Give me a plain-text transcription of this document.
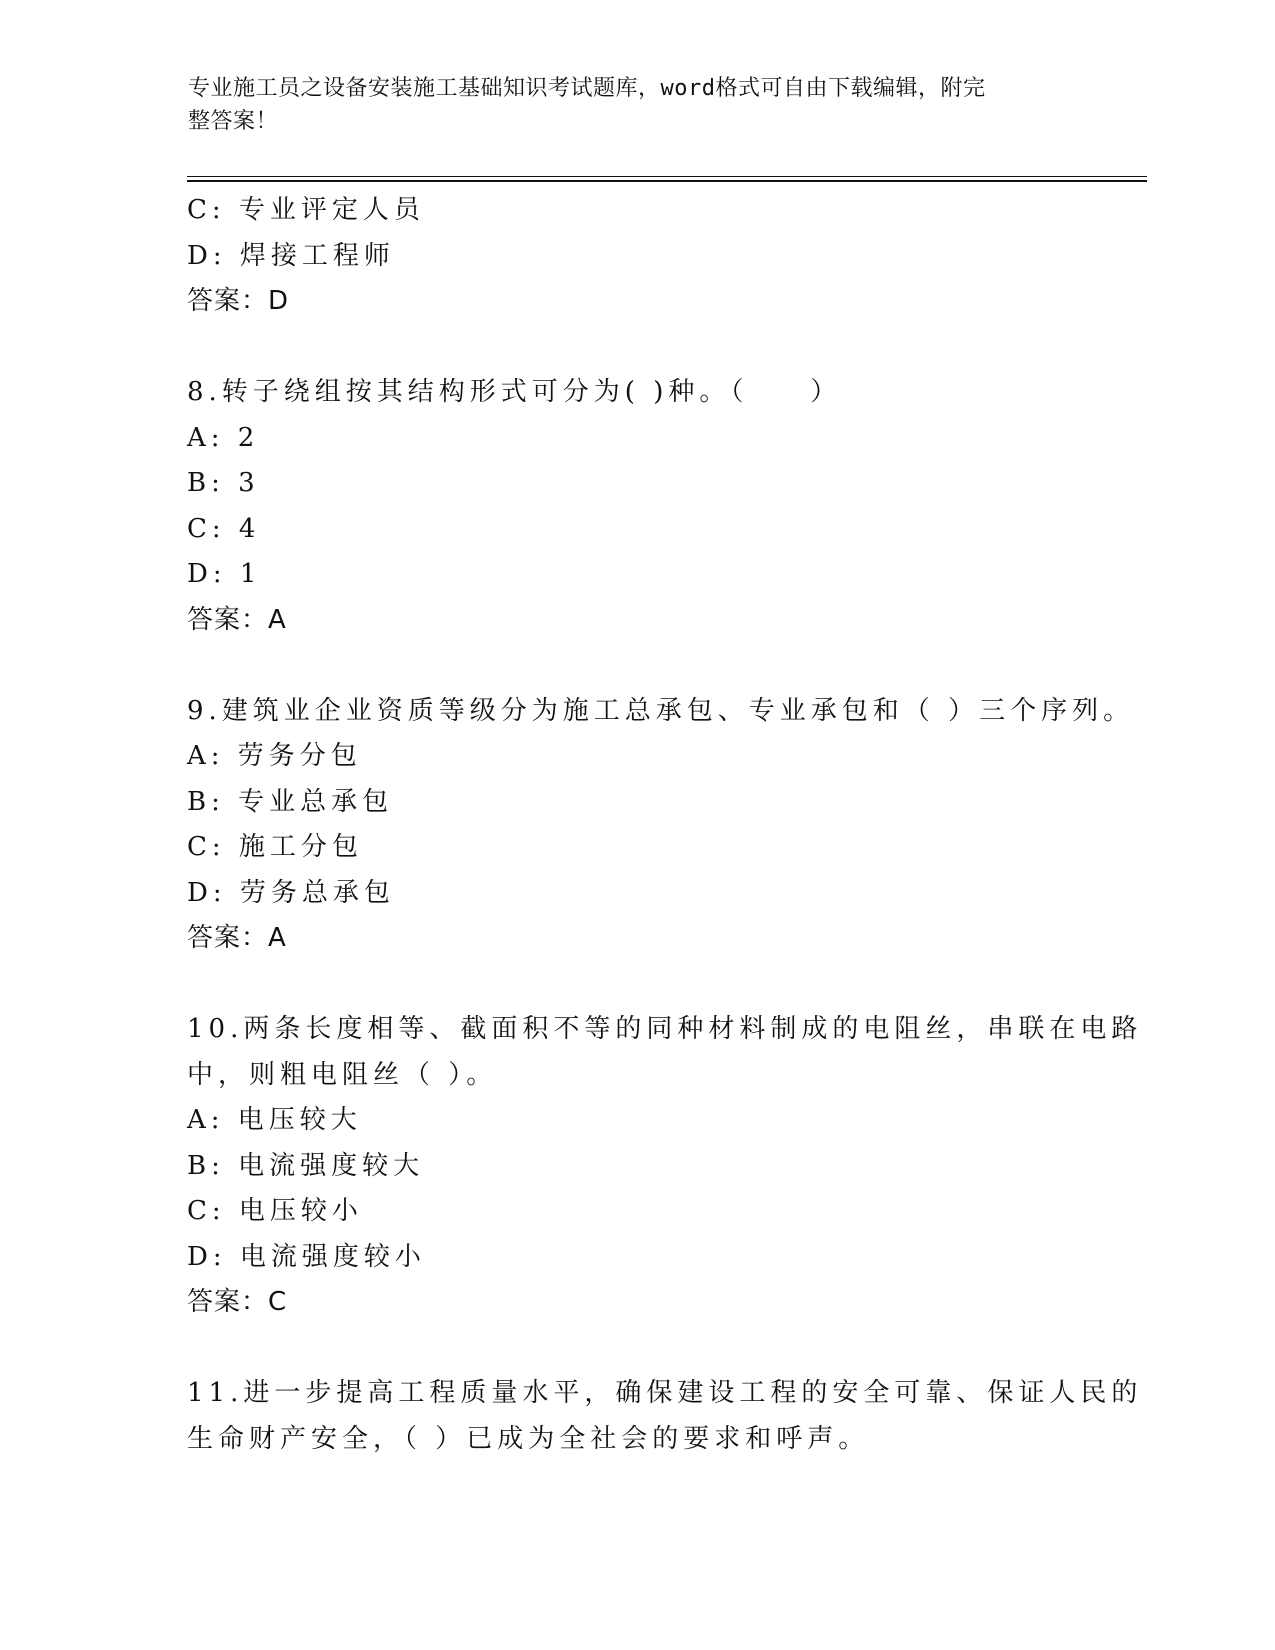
专业施工员之设备安装施工基础知识考试题库，word格式可自由下载编辑，附完
整答案！
C: 专业评定人员
D: 焊接工程师
答案：D
8.转子绕组按其结构形式可分为( )种。（　　）
A: 2
B: 3
C: 4
D: 1
答案：A
9.建筑业企业资质等级分为施工总承包、专业承包和（ ）三个序列。
A: 劳务分包
B: 专业总承包
C: 施工分包
D: 劳务总承包
答案：A
10.两条长度相等、截面积不等的同种材料制成的电阻丝，串联在电路
中，则粗电阻丝（ ）。
A: 电压较大
B: 电流强度较大
C: 电压较小
D: 电流强度较小
答案：C
11.进一步提高工程质量水平，确保建设工程的安全可靠、保证人民的
生命财产安全，（ ）已成为全社会的要求和呼声。
